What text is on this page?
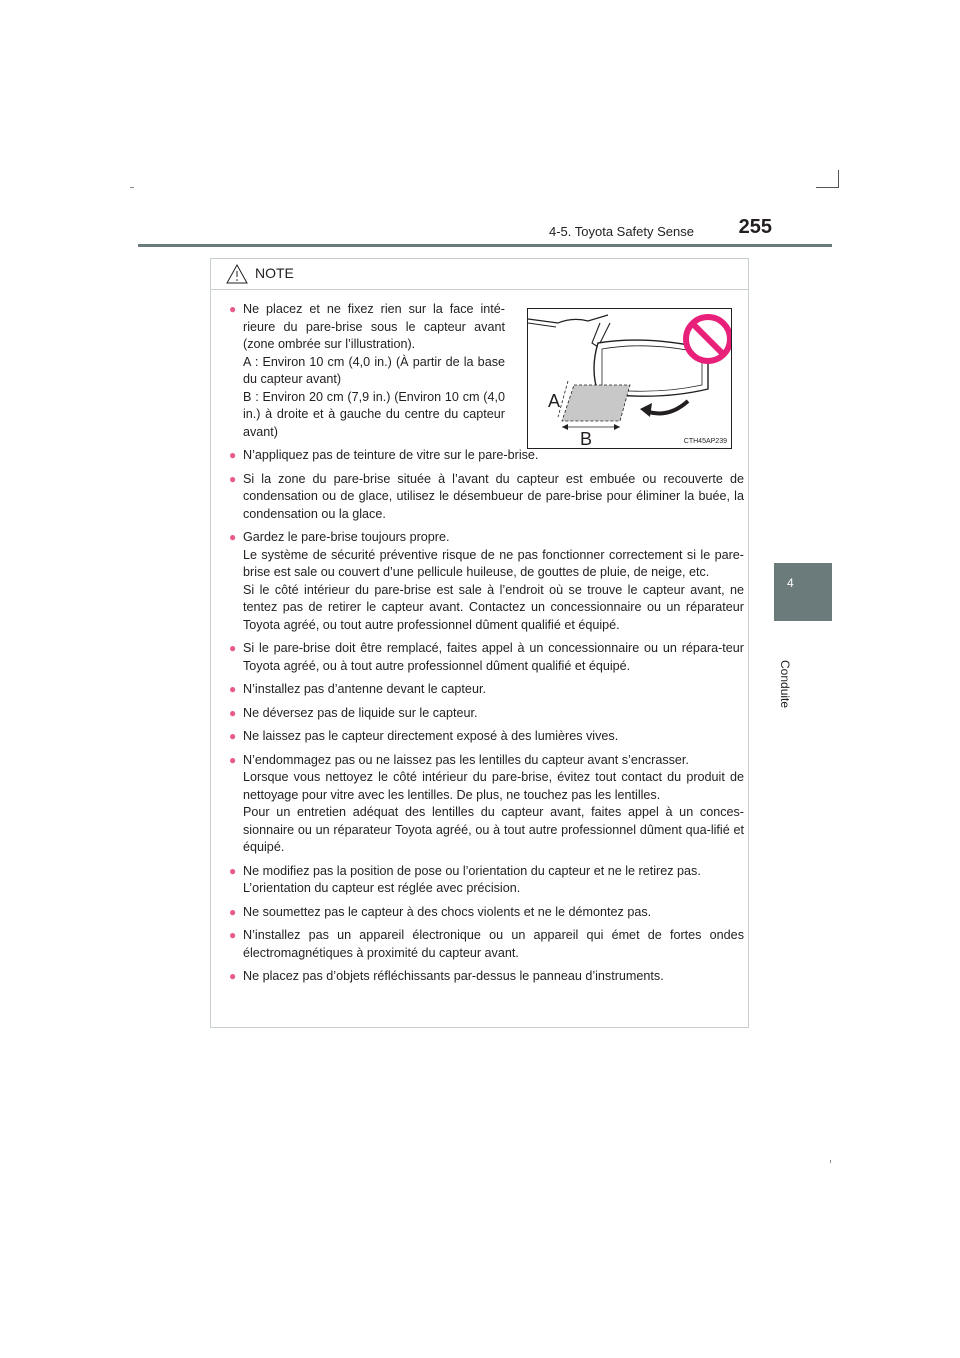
4-5. Toyota Safety Sense 255
4
Conduite
NOTE
● Ne placez et ne fixez rien sur la face inté-rieure du pare-brise sous le capteur avant (zone ombrée sur l’illustration).

A : Environ 10 cm (4,0 in.) (À partir de la base du capteur avant)

B : Environ 20 cm (7,9 in.) (Environ 10 cm (4,0 in.) à droite et à gauche du centre du capteur avant)

● N’appliquez pas de teinture de vitre sur le pare-brise.

● Si la zone du pare-brise située à l’avant du capteur est embuée ou recouverte de condensation ou de glace, utilisez le désembueur de pare-brise pour éliminer la buée, la condensation ou la glace.

● Gardez le pare-brise toujours propre.

Le système de sécurité préventive risque de ne pas fonctionner correctement si le pare-brise est sale ou couvert d’une pellicule huileuse, de gouttes de pluie, de neige, etc.

Si le côté intérieur du pare-brise est sale à l’endroit où se trouve le capteur avant, ne tentez pas de retirer le capteur avant. Contactez un concessionnaire ou un réparateur Toyota agréé, ou tout autre professionnel dûment qualifié et équipé.

● Si le pare-brise doit être remplacé, faites appel à un concessionnaire ou un répara-teur Toyota agréé, ou à tout autre professionnel dûment qualifié et équipé.

● N’installez pas d’antenne devant le capteur.

● Ne déversez pas de liquide sur le capteur.

● Ne laissez pas le capteur directement exposé à des lumières vives.

● N’endommagez pas ou ne laissez pas les lentilles du capteur avant s’encrasser.

Lorsque vous nettoyez le côté intérieur du pare-brise, évitez tout contact du produit de nettoyage pour vitre avec les lentilles. De plus, ne touchez pas les lentilles.

Pour un entretien adéquat des lentilles du capteur avant, faites appel à un conces-sionnaire ou un réparateur Toyota agréé, ou à tout autre professionnel dûment qua-lifié et équipé.

● Ne modifiez pas la position de pose ou l’orientation du capteur et ne le retirez pas.

L’orientation du capteur est réglée avec précision.

● Ne soumettez pas le capteur à des chocs violents et ne le démontez pas.

● N’installez pas un appareil électronique ou un appareil qui émet de fortes ondes électromagnétiques à proximité du capteur avant.

● Ne placez pas d’objets réfléchissants par-dessus le panneau d’instruments.

A
B	CTH45AP239
